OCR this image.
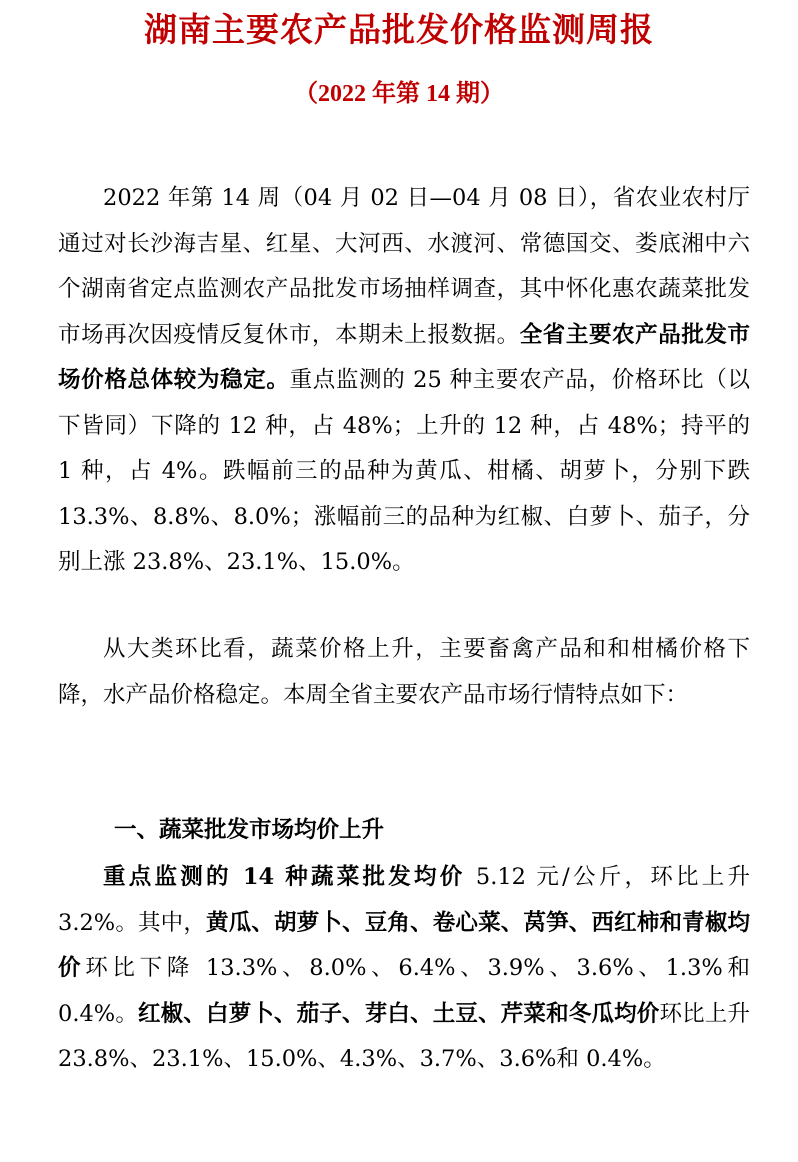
湖南主要农产品批发价格监测周报
（2022 年第 14 期）

2022 年第 14 周（04 月 02 日—04 月 08 日），省农业农村厅通过对长沙海吉星、红星、大河西、水渡河、常德国交、娄底湘中六个湖南省定点监测农产品批发市场抽样调查，其中怀化惠农蔬菜批发市场再次因疫情反复休市，本期未上报数据。全省主要农产品批发市场价格总体较为稳定。重点监测的 25 种主要农产品，价格环比（以下皆同）下降的 12 种，占 48%；上升的 12 种，占 48%；持平的 1 种，占 4%。跌幅前三的品种为黄瓜、柑橘、胡萝卜，分别下跌 13.3%、8.8%、8.0%；涨幅前三的品种为红椒、白萝卜、茄子，分别上涨 23.8%、23.1%、15.0%。

从大类环比看，蔬菜价格上升，主要畜禽产品和和柑橘价格下降，水产品价格稳定。本周全省主要农产品市场行情特点如下：

一、蔬菜批发市场均价上升

重点监测的 14 种蔬菜批发均价 5.12 元/公斤，环比上升 3.2%。其中，黄瓜、胡萝卜、豆角、卷心菜、莴笋、西红柿和青椒均价环比下降 13.3%、8.0%、6.4%、3.9%、3.6%、1.3%和 0.4%。红椒、白萝卜、茄子、芽白、土豆、芹菜和冬瓜均价环比上升 23.8%、23.1%、15.0%、4.3%、3.7%、3.6%和 0.4%。
